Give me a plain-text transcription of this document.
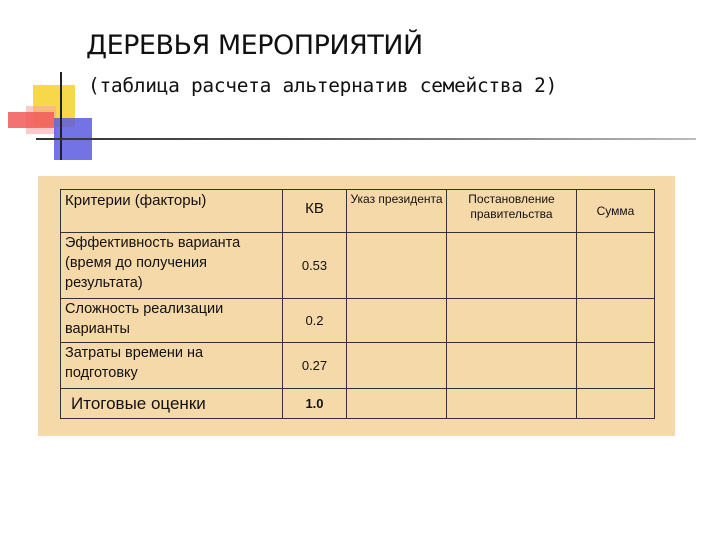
ДЕРЕВЬЯ МЕРОПРИЯТИЙ
(таблица расчета альтернатив семейства 2)
Критерии (факторы)	КВ	Указ президента	Постановление правительства	Сумма
Эффективность варианта (время до получения результата)	0.53			
Сложность реализации варианты	0.2			
Затраты времени на подготовку	0.27			
Итоговые оценки	1.0			
